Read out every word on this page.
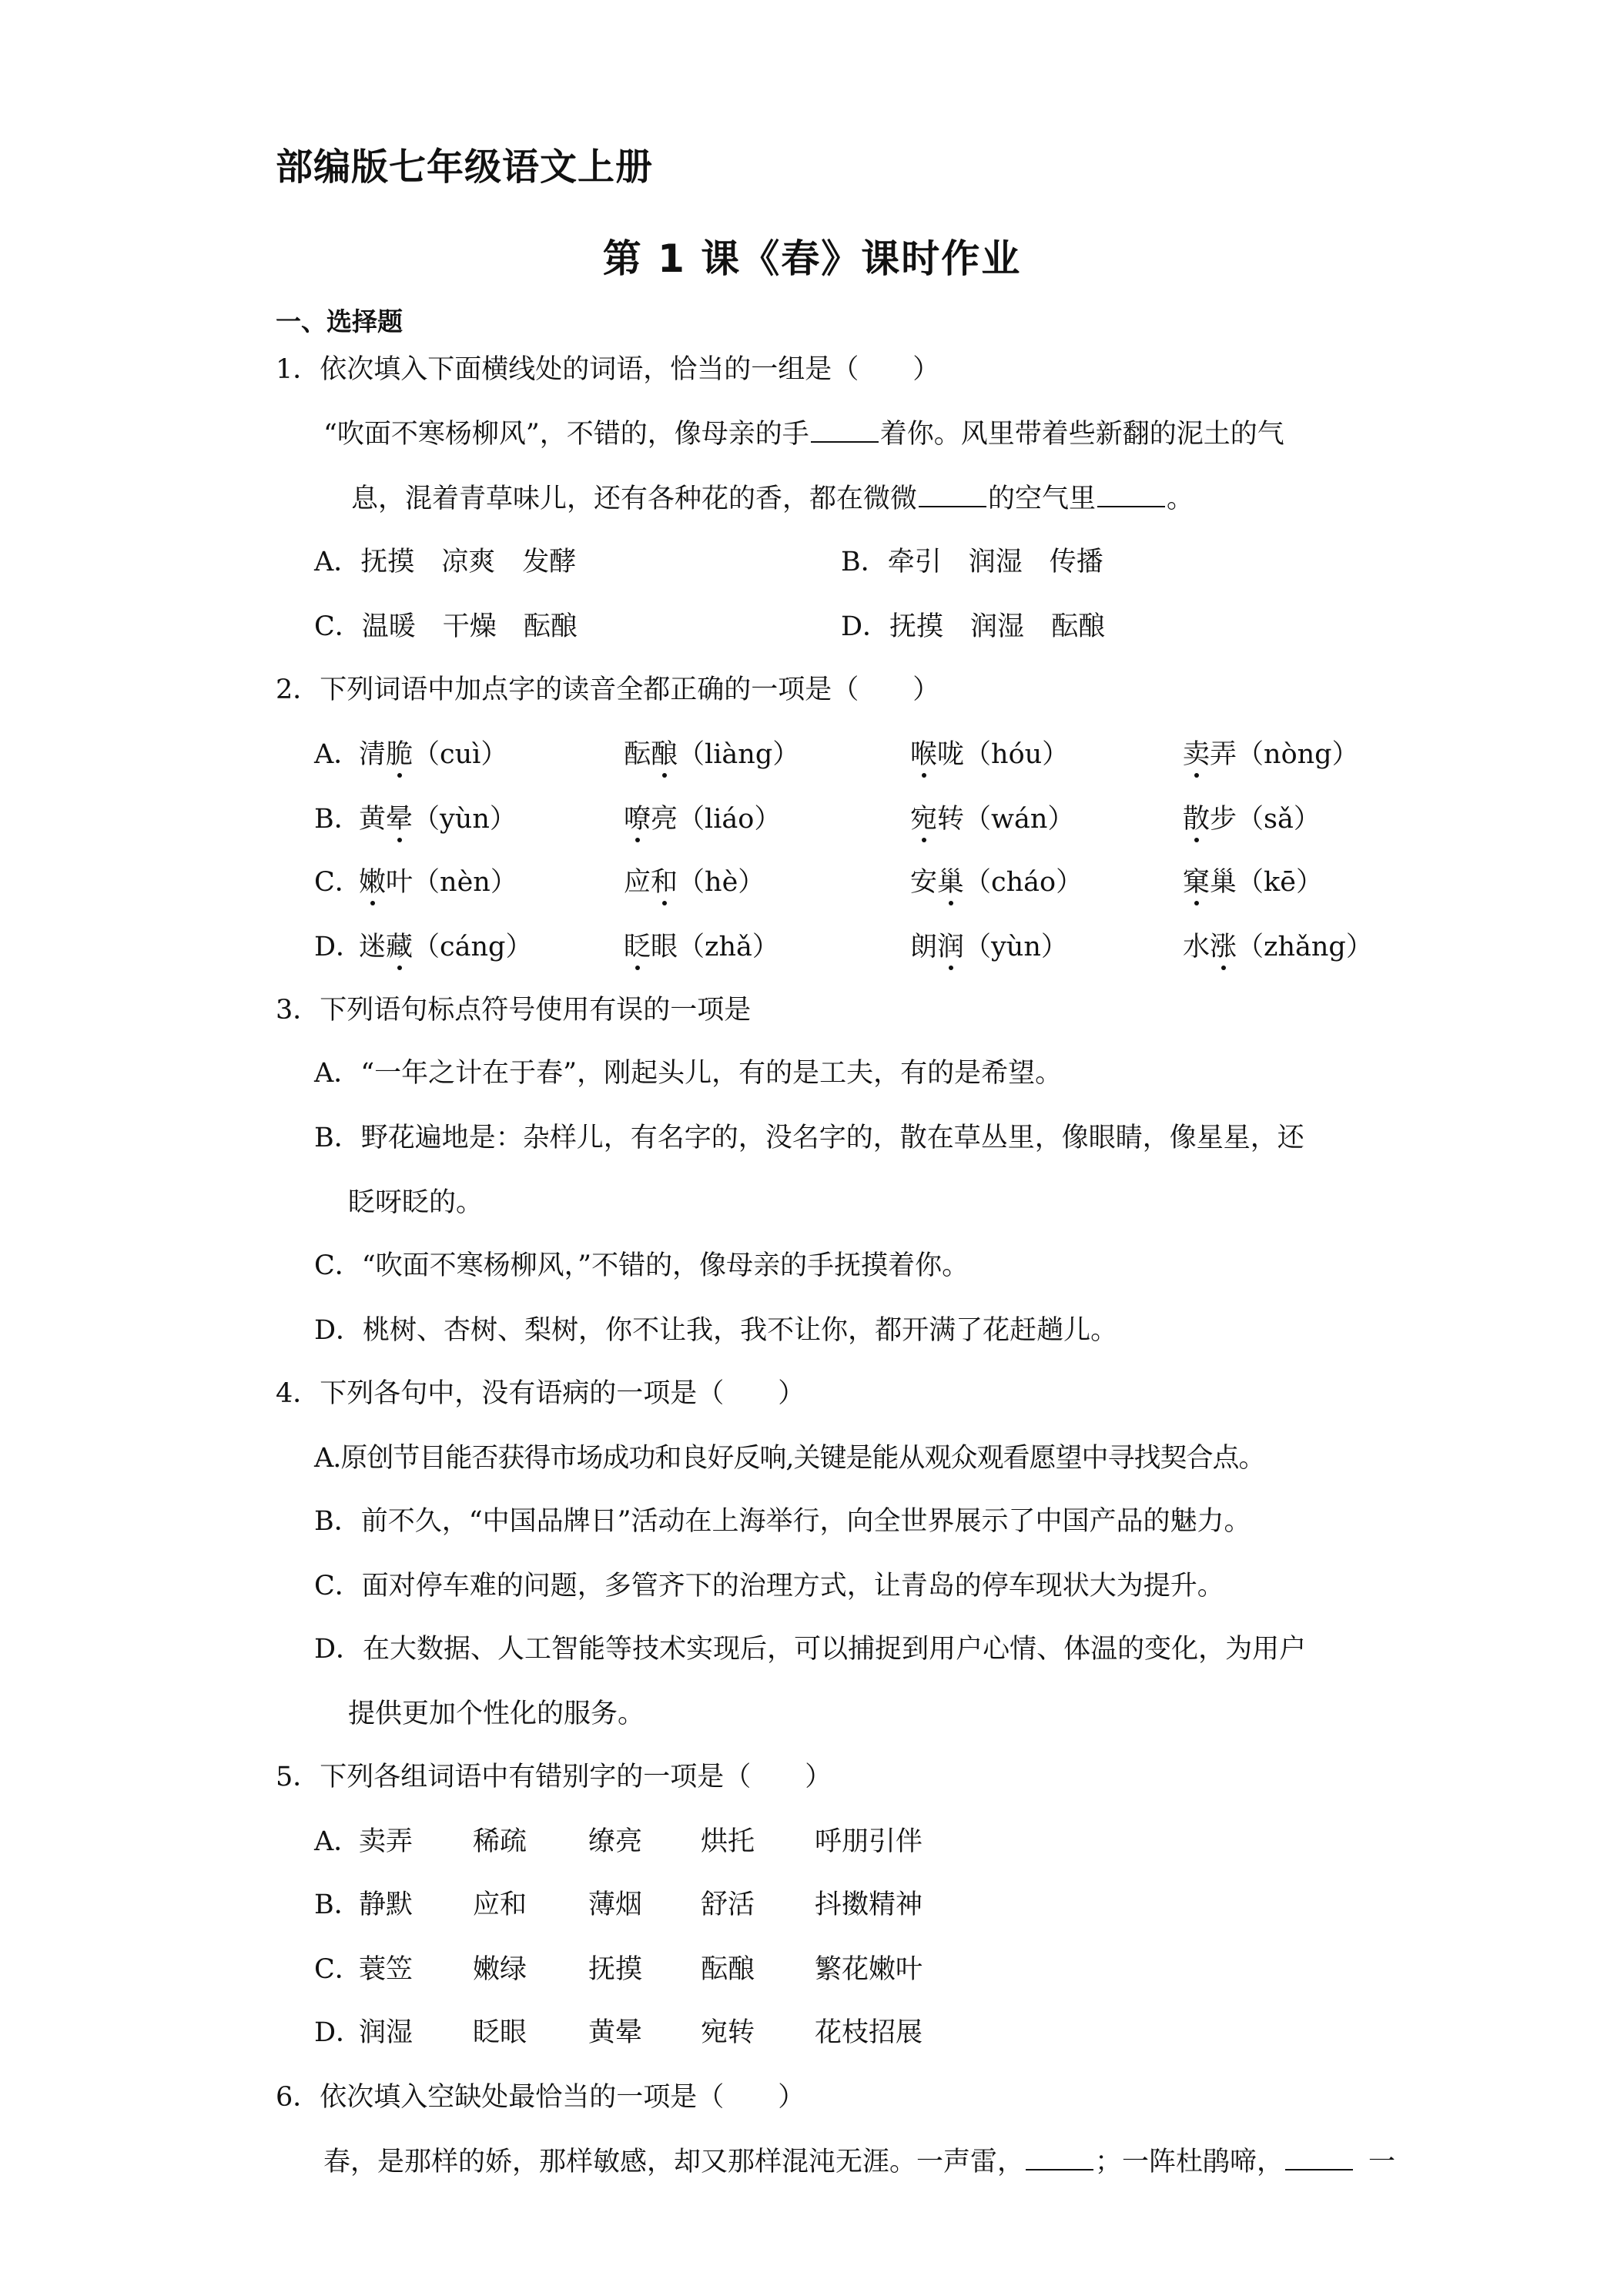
部编版七年级语文上册
第 1 课《春》课时作业
一、选择题
1．依次填入下面横线处的词语，恰当的一组是（　　）
“吹面不寒杨柳风”，不错的，像母亲的手	着你。风里带着些新翻的泥土的气
息，混着青草味儿，还有各种花的香，都在微微	的空气里	。
A．抚摸　凉爽　发酵	B．牵引　润湿　传播
C．温暖　干燥　酝酿	D．抚摸　润湿　酝酿
2．下列词语中加点字的读音全都正确的一项是（　　）
A．
清脆（cuì）	酝酿（liàng）	喉咙（hóu）	卖弄（nòng）
B．
黄晕（yùn）	嘹亮（liáo）	宛转（wán）	散步（sǎ）
C．
嫩叶（nèn）	应和（hè）	安巢（cháo）	窠巢（kē）
D．
迷藏（cáng）	眨眼（zhǎ）	朗润（yùn）	水涨（zhǎng）
3．下列语句标点符号使用有误的一项是
A．“一年之计在于春”，刚起头儿，有的是工夫，有的是希望。
B．野花遍地是：杂样儿，有名字的，没名字的，散在草丛里，像眼睛，像星星，还
眨呀眨的。
C．“吹面不寒杨柳风，”不错的，像母亲的手抚摸着你。
D．桃树、杏树、梨树，你不让我，我不让你，都开满了花赶趟儿。
4．下列各句中，没有语病的一项是（　　）
A.原创节目能否获得市场成功和良好反响,关键是能从观众观看愿望中寻找契合点。
B．前不久，“中国品牌日”活动在上海举行，向全世界展示了中国产品的魅力。
C．面对停车难的问题，多管齐下的治理方式，让青岛的停车现状大为提升。
D．在大数据、人工智能等技术实现后，可以捕捉到用户心情、体温的变化，为用户
提供更加个性化的服务。
5．下列各组词语中有错别字的一项是（　　）
A．
卖弄 稀疏 缭亮 烘托 呼朋引伴
B．
静默 应和 薄烟 舒活 抖擞精神
C．
蓑笠 嫩绿 抚摸 酝酿 繁花嫩叶
D．
润湿 眨眼 黄晕 宛转 花枝招展
6．依次填入空缺处最恰当的一项是（　　）
春，是那样的娇，那样敏感，却又那样混沌无涯。一声雷，	；一阵杜鹃啼，	一
